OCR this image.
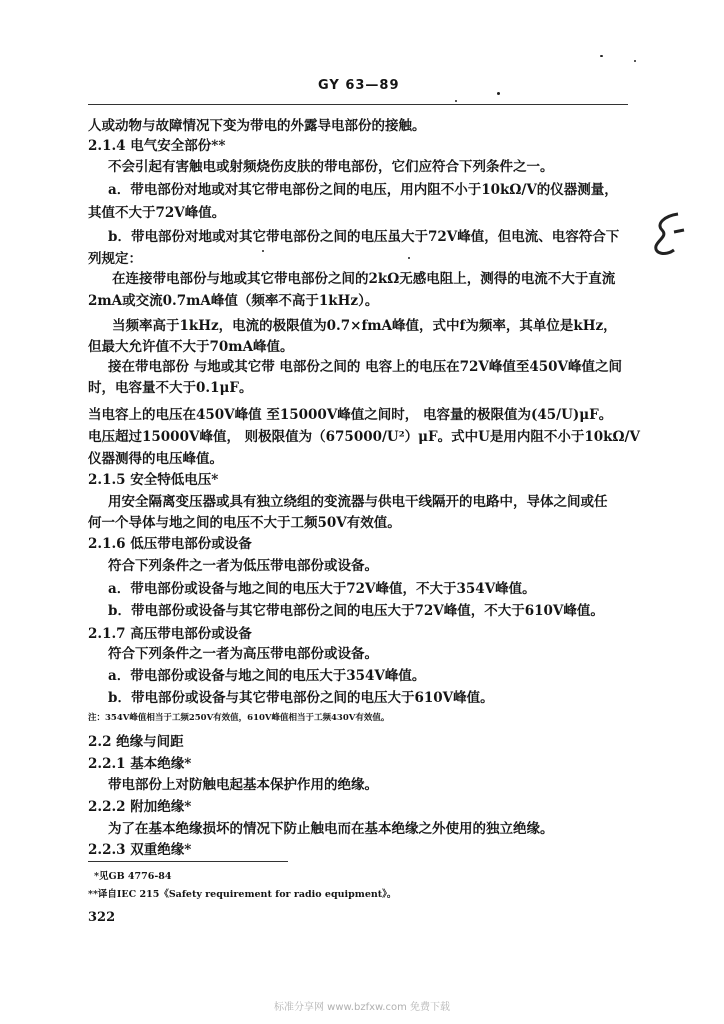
GY 63—89
人或动物与故障情况下变为带电的外露导电部份的接触。
2.1.4 电气安全部份**
不会引起有害触电或射频烧伤皮肤的带电部份，它们应符合下列条件之一。
a．带电部份对地或对其它带电部份之间的电压，用内阻不小于10kΩ/V的仪器测量，
其值不大于72V峰值。
b．带电部份对地或对其它带电部份之间的电压虽大于72V峰值，但电流、电容符合下
列规定：
在连接带电部份与地或其它带电部份之间的2kΩ无感电阻上，测得的电流不大于直流
2mA或交流0.7mA峰值（频率不高于1kHz）。
当频率高于1kHz，电流的极限值为0.7×fmA峰值，式中f为频率，其单位是kHz，
但最大允许值不大于70mA峰值。
接在带电部份 与地或其它带 电部份之间的 电容上的电压在72V峰值至450V峰值之间
时，电容量不大于0.1μF。
当电容上的电压在450V峰值 至15000V峰值之间时， 电容量的极限值为(45/U)μF。
电压超过15000V峰值， 则极限值为（675000/U²）μF。式中U是用内阻不小于10kΩ/V
仪器测得的电压峰值。
2.1.5 安全特低电压*
用安全隔离变压器或具有独立绕组的变流器与供电干线隔开的电路中，导体之间或任
何一个导体与地之间的电压不大于工频50V有效值。
2.1.6 低压带电部份或设备
符合下列条件之一者为低压带电部份或设备。
a．带电部份或设备与地之间的电压大于72V峰值，不大于354V峰值。
b．带电部份或设备与其它带电部份之间的电压大于72V峰值，不大于610V峰值。
2.1.7 高压带电部份或设备
符合下列条件之一者为高压带电部份或设备。
a．带电部份或设备与地之间的电压大于354V峰值。
b．带电部份或设备与其它带电部份之间的电压大于610V峰值。
注：354V峰值相当于工频250V有效值，610V峰值相当于工频430V有效值。
2.2 绝缘与间距
2.2.1 基本绝缘*
带电部份上对防触电起基本保护作用的绝缘。
2.2.2 附加绝缘*
为了在基本绝缘损坏的情况下防止触电而在基本绝缘之外使用的独立绝缘。
2.2.3 双重绝缘*
*见GB 4776-84
**译自IEC 215《Safety requirement for radio equipment》。
322
标准分享网 www.bzfxw.com 免费下载
